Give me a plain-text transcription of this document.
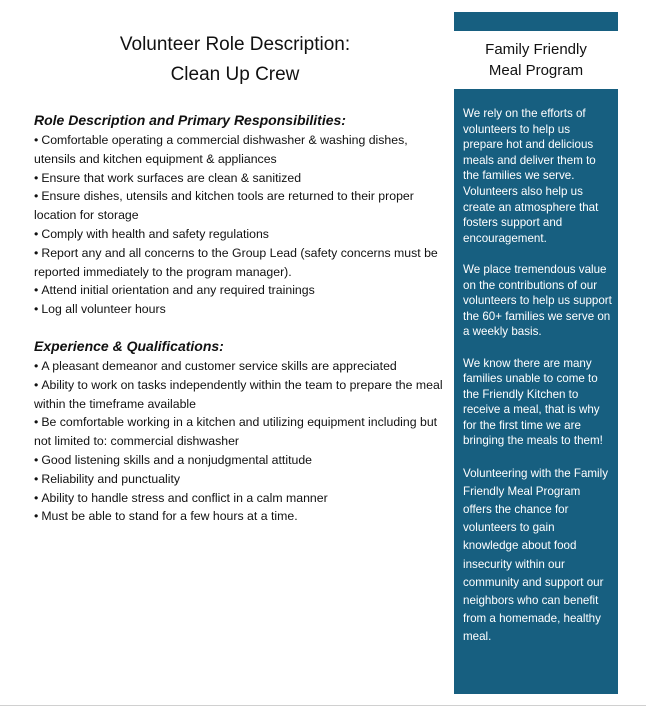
Volunteer Role Description:
Clean Up Crew
Role Description and Primary Responsibilities:
• Comfortable operating a commercial dishwasher & washing dishes, utensils and kitchen equipment & appliances
• Ensure that work surfaces are clean & sanitized
• Ensure dishes, utensils and kitchen tools are returned to their proper location for storage
• Comply with health and safety regulations
• Report any and all concerns to the Group Lead (safety concerns must be reported immediately to the program manager).
• Attend initial orientation and any required trainings
• Log all volunteer hours
Experience & Qualifications:
• A pleasant demeanor and customer service skills are appreciated
• Ability to work on tasks independently within the team to prepare the meal within the timeframe available
• Be comfortable working in a kitchen and utilizing equipment including but not limited to: commercial dishwasher
• Good listening skills and a nonjudgmental attitude
• Reliability and punctuality
• Ability to handle stress and conflict in a calm manner
• Must be able to stand for a few hours at a time.
Family Friendly
Meal Program

We rely on the efforts of volunteers to help us prepare hot and delicious meals and deliver them to the families we serve. Volunteers also help us create an atmosphere that fosters support and encouragement.

We place tremendous value on the contributions of our volunteers to help us support the 60+ families we serve on a weekly basis.

We know there are many families unable to come to the Friendly Kitchen to receive a meal, that is why for the first time we are bringing the meals to them!

Volunteering with the Family Friendly Meal Program offers the chance for volunteers to gain knowledge about food insecurity within our community and support our neighbors who can benefit from a homemade, healthy meal.
